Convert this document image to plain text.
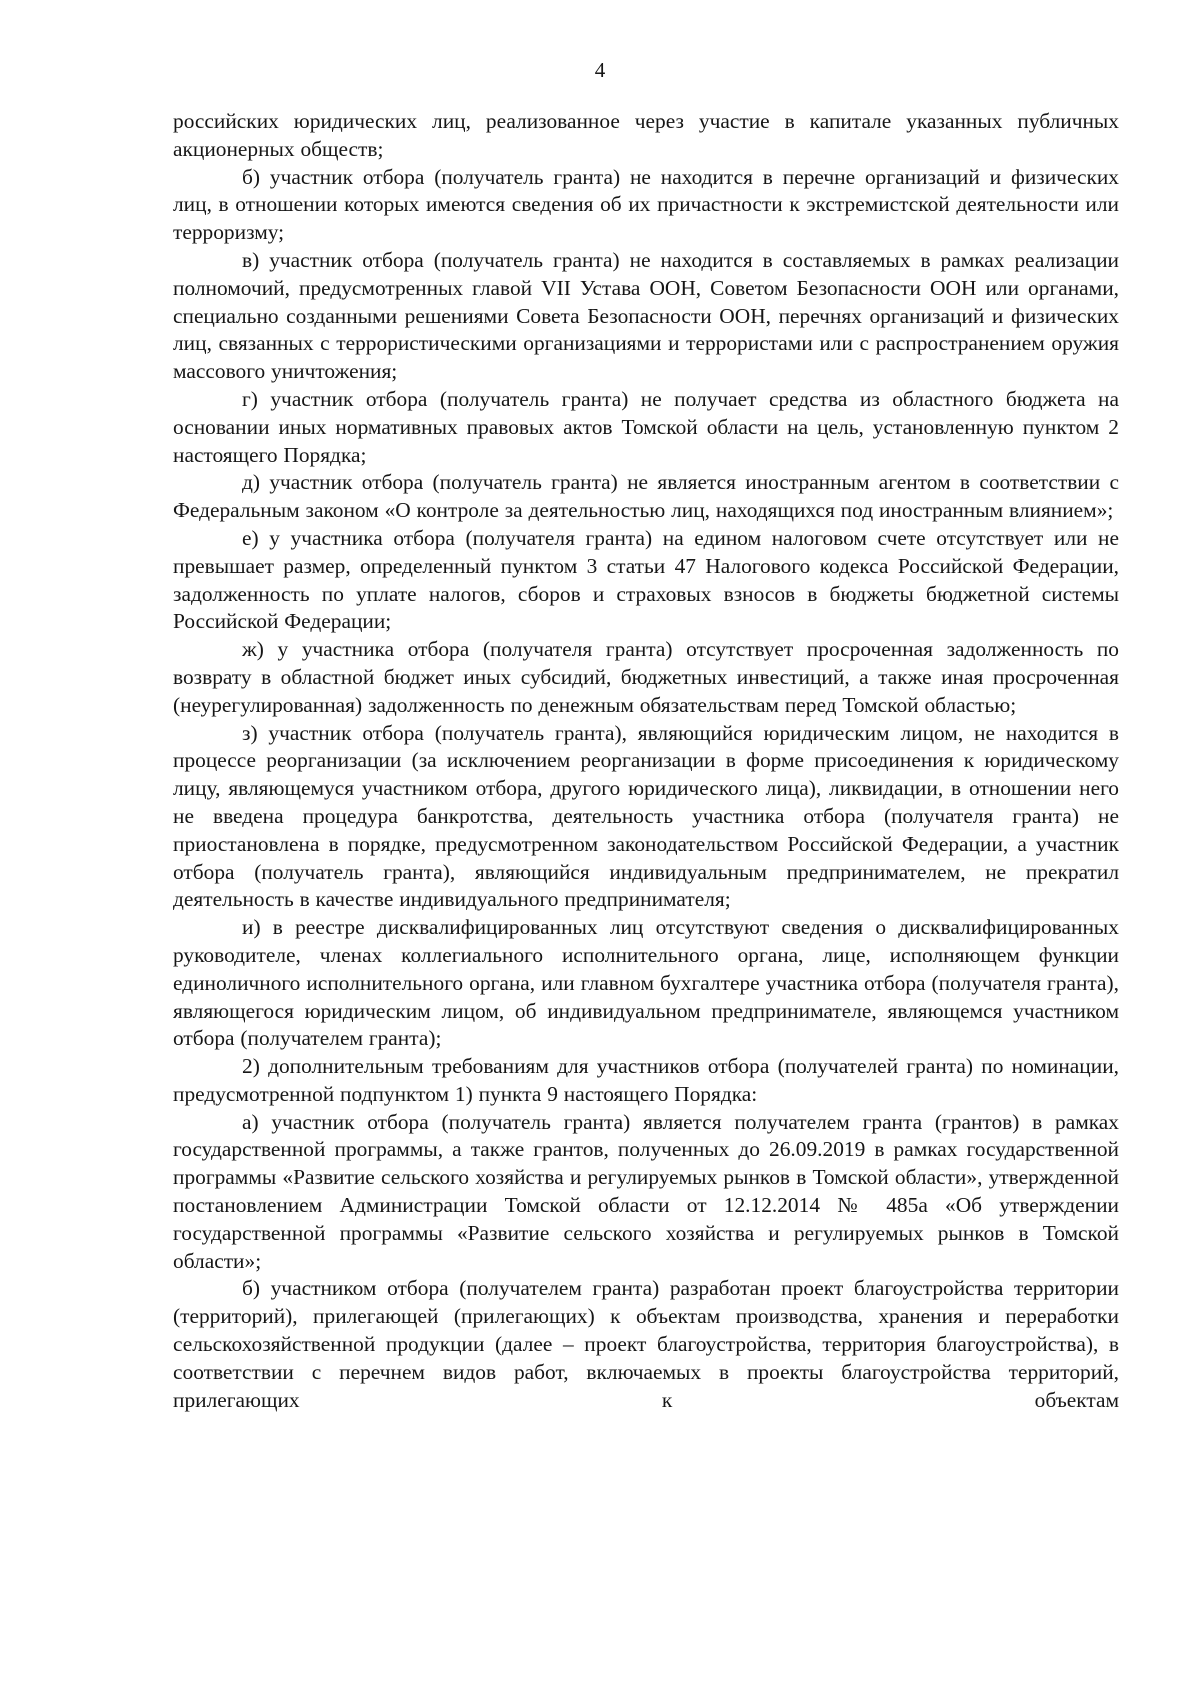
4

российских юридических лиц, реализованное через участие в капитале указанных публичных акционерных обществ;

б) участник отбора (получатель гранта) не находится в перечне организаций и физических лиц, в отношении которых имеются сведения об их причастности к экстремистской деятельности или терроризму;

в) участник отбора (получатель гранта) не находится в составляемых в рамках реализации полномочий, предусмотренных главой VII Устава ООН, Советом Безопасности ООН или органами, специально созданными решениями Совета Безопасности ООН, перечнях организаций и физических лиц, связанных с террористическими организациями и террористами или с распространением оружия массового уничтожения;

г) участник отбора (получатель гранта) не получает средства из областного бюджета на основании иных нормативных правовых актов Томской области на цель, установленную пунктом 2 настоящего Порядка;

д) участник отбора (получатель гранта) не является иностранным агентом в соответствии с Федеральным законом «О контроле за деятельностью лиц, находящихся под иностранным влиянием»;

е) у участника отбора (получателя гранта) на едином налоговом счете отсутствует или не превышает размер, определенный пунктом 3 статьи 47 Налогового кодекса Российской Федерации, задолженность по уплате налогов, сборов и страховых взносов в бюджеты бюджетной системы Российской Федерации;

ж) у участника отбора (получателя гранта) отсутствует просроченная задолженность по возврату в областной бюджет иных субсидий, бюджетных инвестиций, а также иная просроченная (неурегулированная) задолженность по денежным обязательствам перед Томской областью;

з) участник отбора (получатель гранта), являющийся юридическим лицом, не находится в процессе реорганизации (за исключением реорганизации в форме присоединения к юридическому лицу, являющемуся участником отбора, другого юридического лица), ликвидации, в отношении него не введена процедура банкротства, деятельность участника отбора (получателя гранта) не приостановлена в порядке, предусмотренном законодательством Российской Федерации, а участник отбора (получатель гранта), являющийся индивидуальным предпринимателем, не прекратил деятельность в качестве индивидуального предпринимателя;

и) в реестре дисквалифицированных лиц отсутствуют сведения о дисквалифицированных руководителе, членах коллегиального исполнительного органа, лице, исполняющем функции единоличного исполнительного органа, или главном бухгалтере участника отбора (получателя гранта), являющегося юридическим лицом, об индивидуальном предпринимателе, являющемся участником отбора (получателем гранта);

2) дополнительным требованиям для участников отбора (получателей гранта) по номинации, предусмотренной подпунктом 1) пункта 9 настоящего Порядка:

а) участник отбора (получатель гранта) является получателем гранта (грантов) в рамках государственной программы, а также грантов, полученных до 26.09.2019 в рамках государственной программы «Развитие сельского хозяйства и регулируемых рынков в Томской области», утвержденной постановлением Администрации Томской области от 12.12.2014 № 485а «Об утверждении государственной программы «Развитие сельского хозяйства и регулируемых рынков в Томской области»;

б) участником отбора (получателем гранта) разработан проект благоустройства территории (территорий), прилегающей (прилегающих) к объектам производства, хранения и переработки сельскохозяйственной продукции (далее – проект благоустройства, территория благоустройства), в соответствии с перечнем видов работ, включаемых в проекты благоустройства территорий, прилегающих к объектам
